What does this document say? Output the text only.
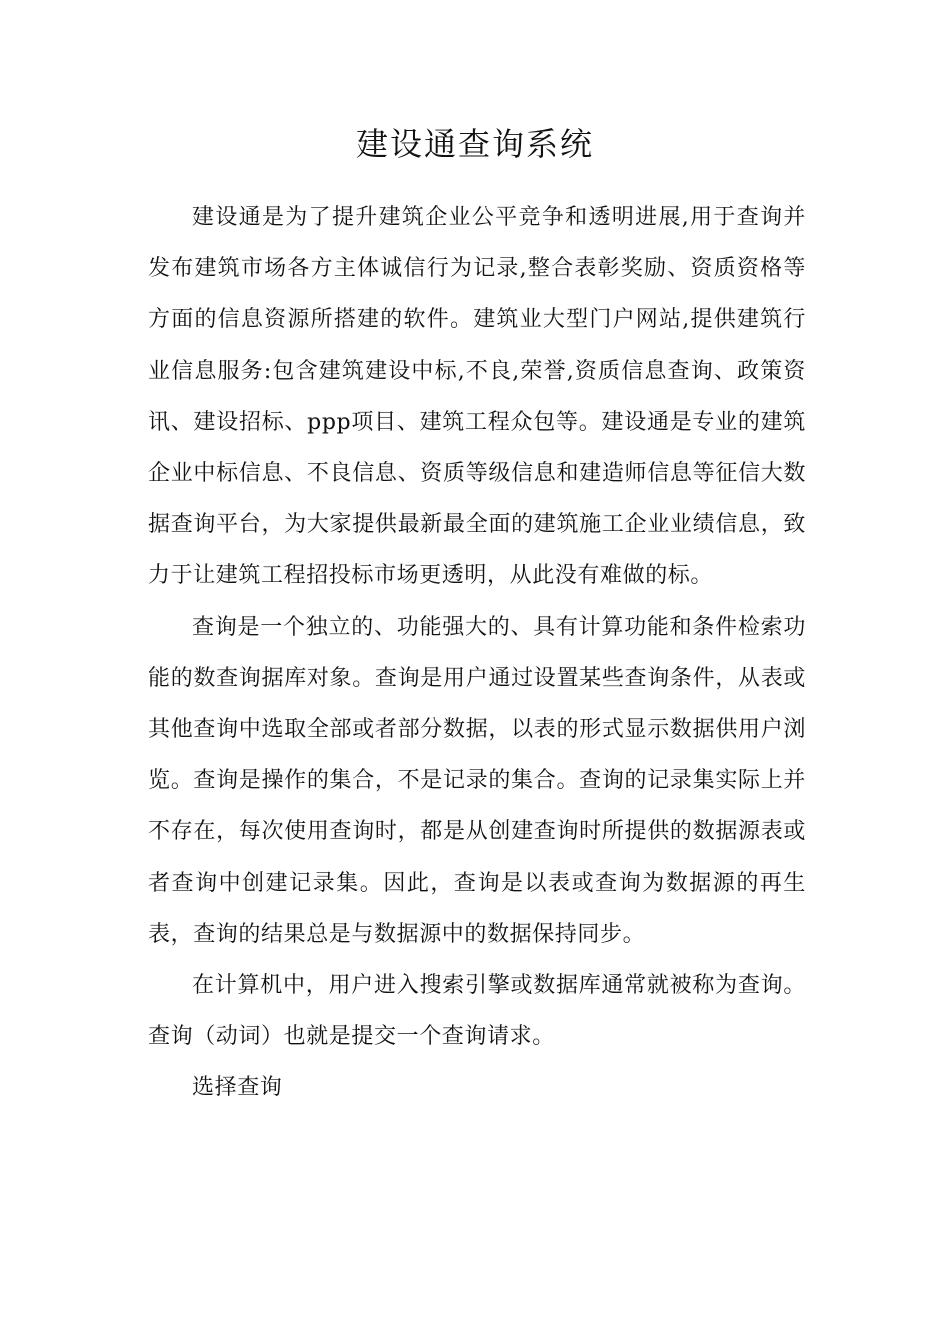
建设通查询系统

建设通是为了提升建筑企业公平竞争和透明进展,用于查询并发布建筑市场各方主体诚信行为记录,整合表彰奖励、资质资格等方面的信息资源所搭建的软件。建筑业大型门户网站,提供建筑行业信息服务:包含建筑建设中标,不良,荣誉,资质信息查询、政策资讯、建设招标、ppp项目、建筑工程众包等。建设通是专业的建筑企业中标信息、不良信息、资质等级信息和建造师信息等征信大数据查询平台，为大家提供最新最全面的建筑施工企业业绩信息，致力于让建筑工程招投标市场更透明，从此没有难做的标。

查询是一个独立的、功能强大的、具有计算功能和条件检索功能的数查询据库对象。查询是用户通过设置某些查询条件，从表或其他查询中选取全部或者部分数据，以表的形式显示数据供用户浏览。查询是操作的集合，不是记录的集合。查询的记录集实际上并不存在，每次使用查询时，都是从创建查询时所提供的数据源表或者查询中创建记录集。因此，查询是以表或查询为数据源的再生表，查询的结果总是与数据源中的数据保持同步。

在计算机中，用户进入搜索引擎或数据库通常就被称为查询。查询（动词）也就是提交一个查询请求。

选择查询
